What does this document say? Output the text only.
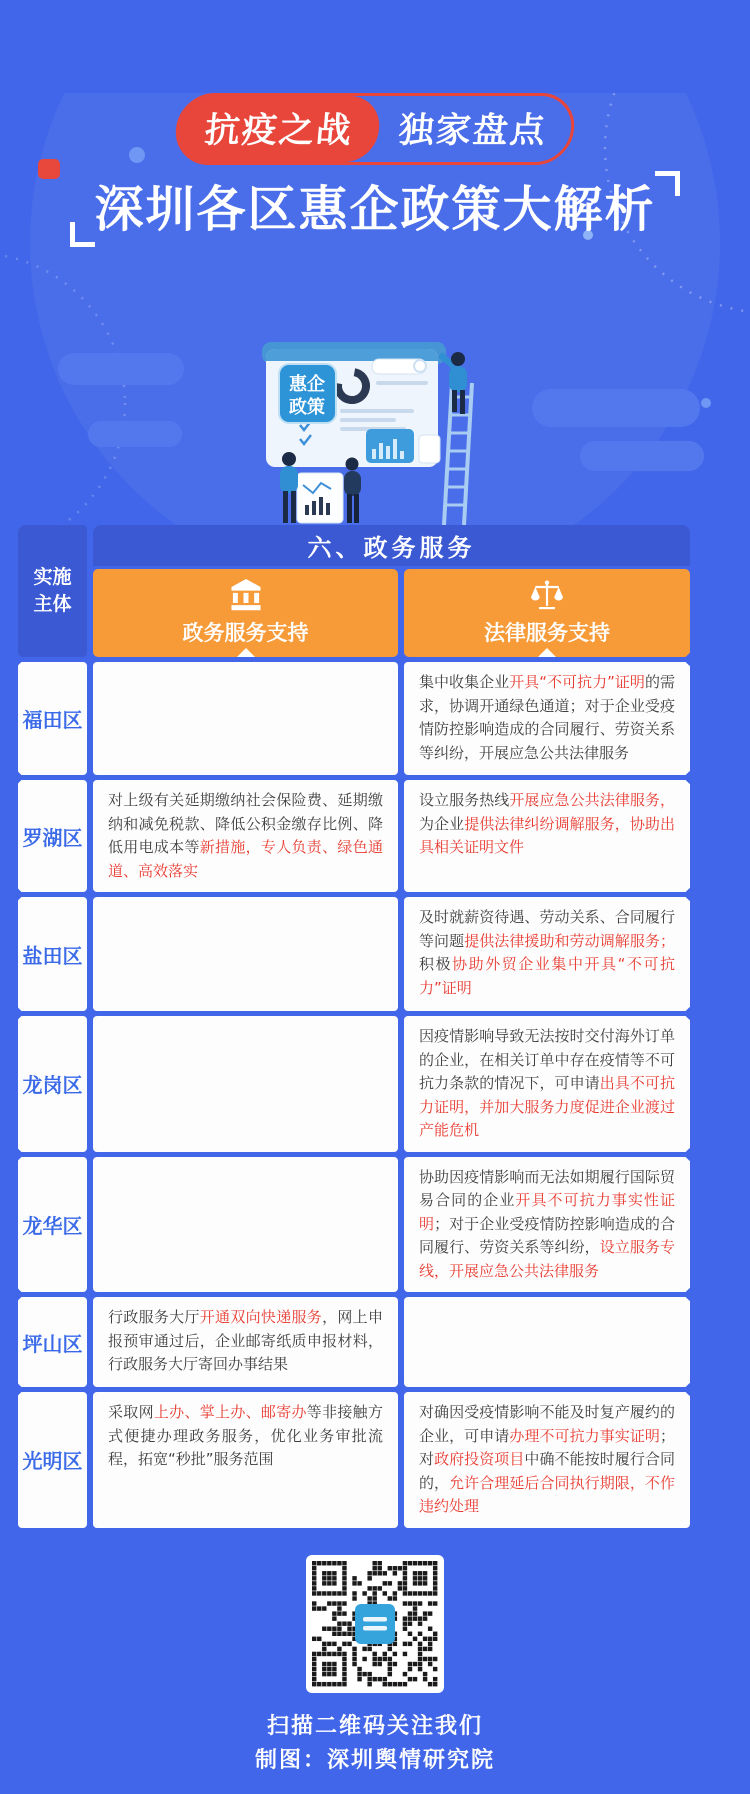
惠企
政策
抗疫之战	独家盘点
深圳各区惠企政策大解析
实施
主体
六、政务服务
政务服务支持	法律服务支持
福田区
集中收集企业开具“不可抗力”证明的需求，协调开通绿色通道；对于企业受疫情防控影响造成的合同履行、劳资关系等纠纷，开展应急公共法律服务
罗湖区
对上级有关延期缴纳社会保险费、延期缴纳和减免税款、降低公积金缴存比例、降低用电成本等新措施，专人负责、绿色通道、高效落实
设立服务热线开展应急公共法律服务，为企业提供法律纠纷调解服务，协助出具相关证明文件
盐田区
及时就薪资待遇、劳动关系、合同履行等问题提供法律援助和劳动调解服务；积极协助外贸企业集中开具“不可抗力”证明
龙岗区
因疫情影响导致无法按时交付海外订单的企业，在相关订单中存在疫情等不可抗力条款的情况下，可申请出具不可抗力证明，并加大服务力度促进企业渡过产能危机
龙华区
协助因疫情影响而无法如期履行国际贸易合同的企业开具不可抗力事实性证明；对于企业受疫情防控影响造成的合同履行、劳资关系等纠纷，设立服务专线，开展应急公共法律服务
坪山区
行政服务大厅开通双向快递服务，网上申报预审通过后，企业邮寄纸质申报材料，行政服务大厅寄回办事结果
光明区
采取网上办、掌上办、邮寄办等非接触方式便捷办理政务服务，优化业务审批流程，拓宽“秒批”服务范围
对确因受疫情影响不能及时复产履约的企业，可申请办理不可抗力事实证明；对政府投资项目中确不能按时履行合同的，允许合理延后合同执行期限，不作违约处理
扫描二维码关注我们
制图：深圳舆情研究院
